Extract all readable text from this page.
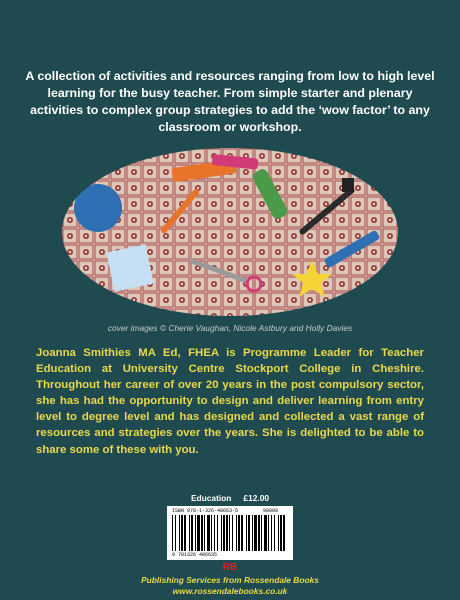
A collection of activities and resources ranging from low to high level learning for the busy teacher. From simple starter and plenary activities to complex group strategies to add the ‘wow factor’ to any classroom or workshop.

cover images © Cherie Vaughan, Nicole Astbury and Holly Davies

Joanna Smithies MA Ed, FHEA is Programme Leader for Teacher Education at University Centre Stockport College in Cheshire. Throughout her career of over 20 years in the post compulsory sector, she has had the opportunity to design and deliver learning from entry level to degree level and has designed and collected a vast range of resources and strategies over the years. She is delighted to be able to share some of these with you.

Education £12.00

ISBN 978-1-326-48663-5	90000
9 781326 486635

RB

Publishing Services from Rossendale Books

www.rossendalebooks.co.uk
